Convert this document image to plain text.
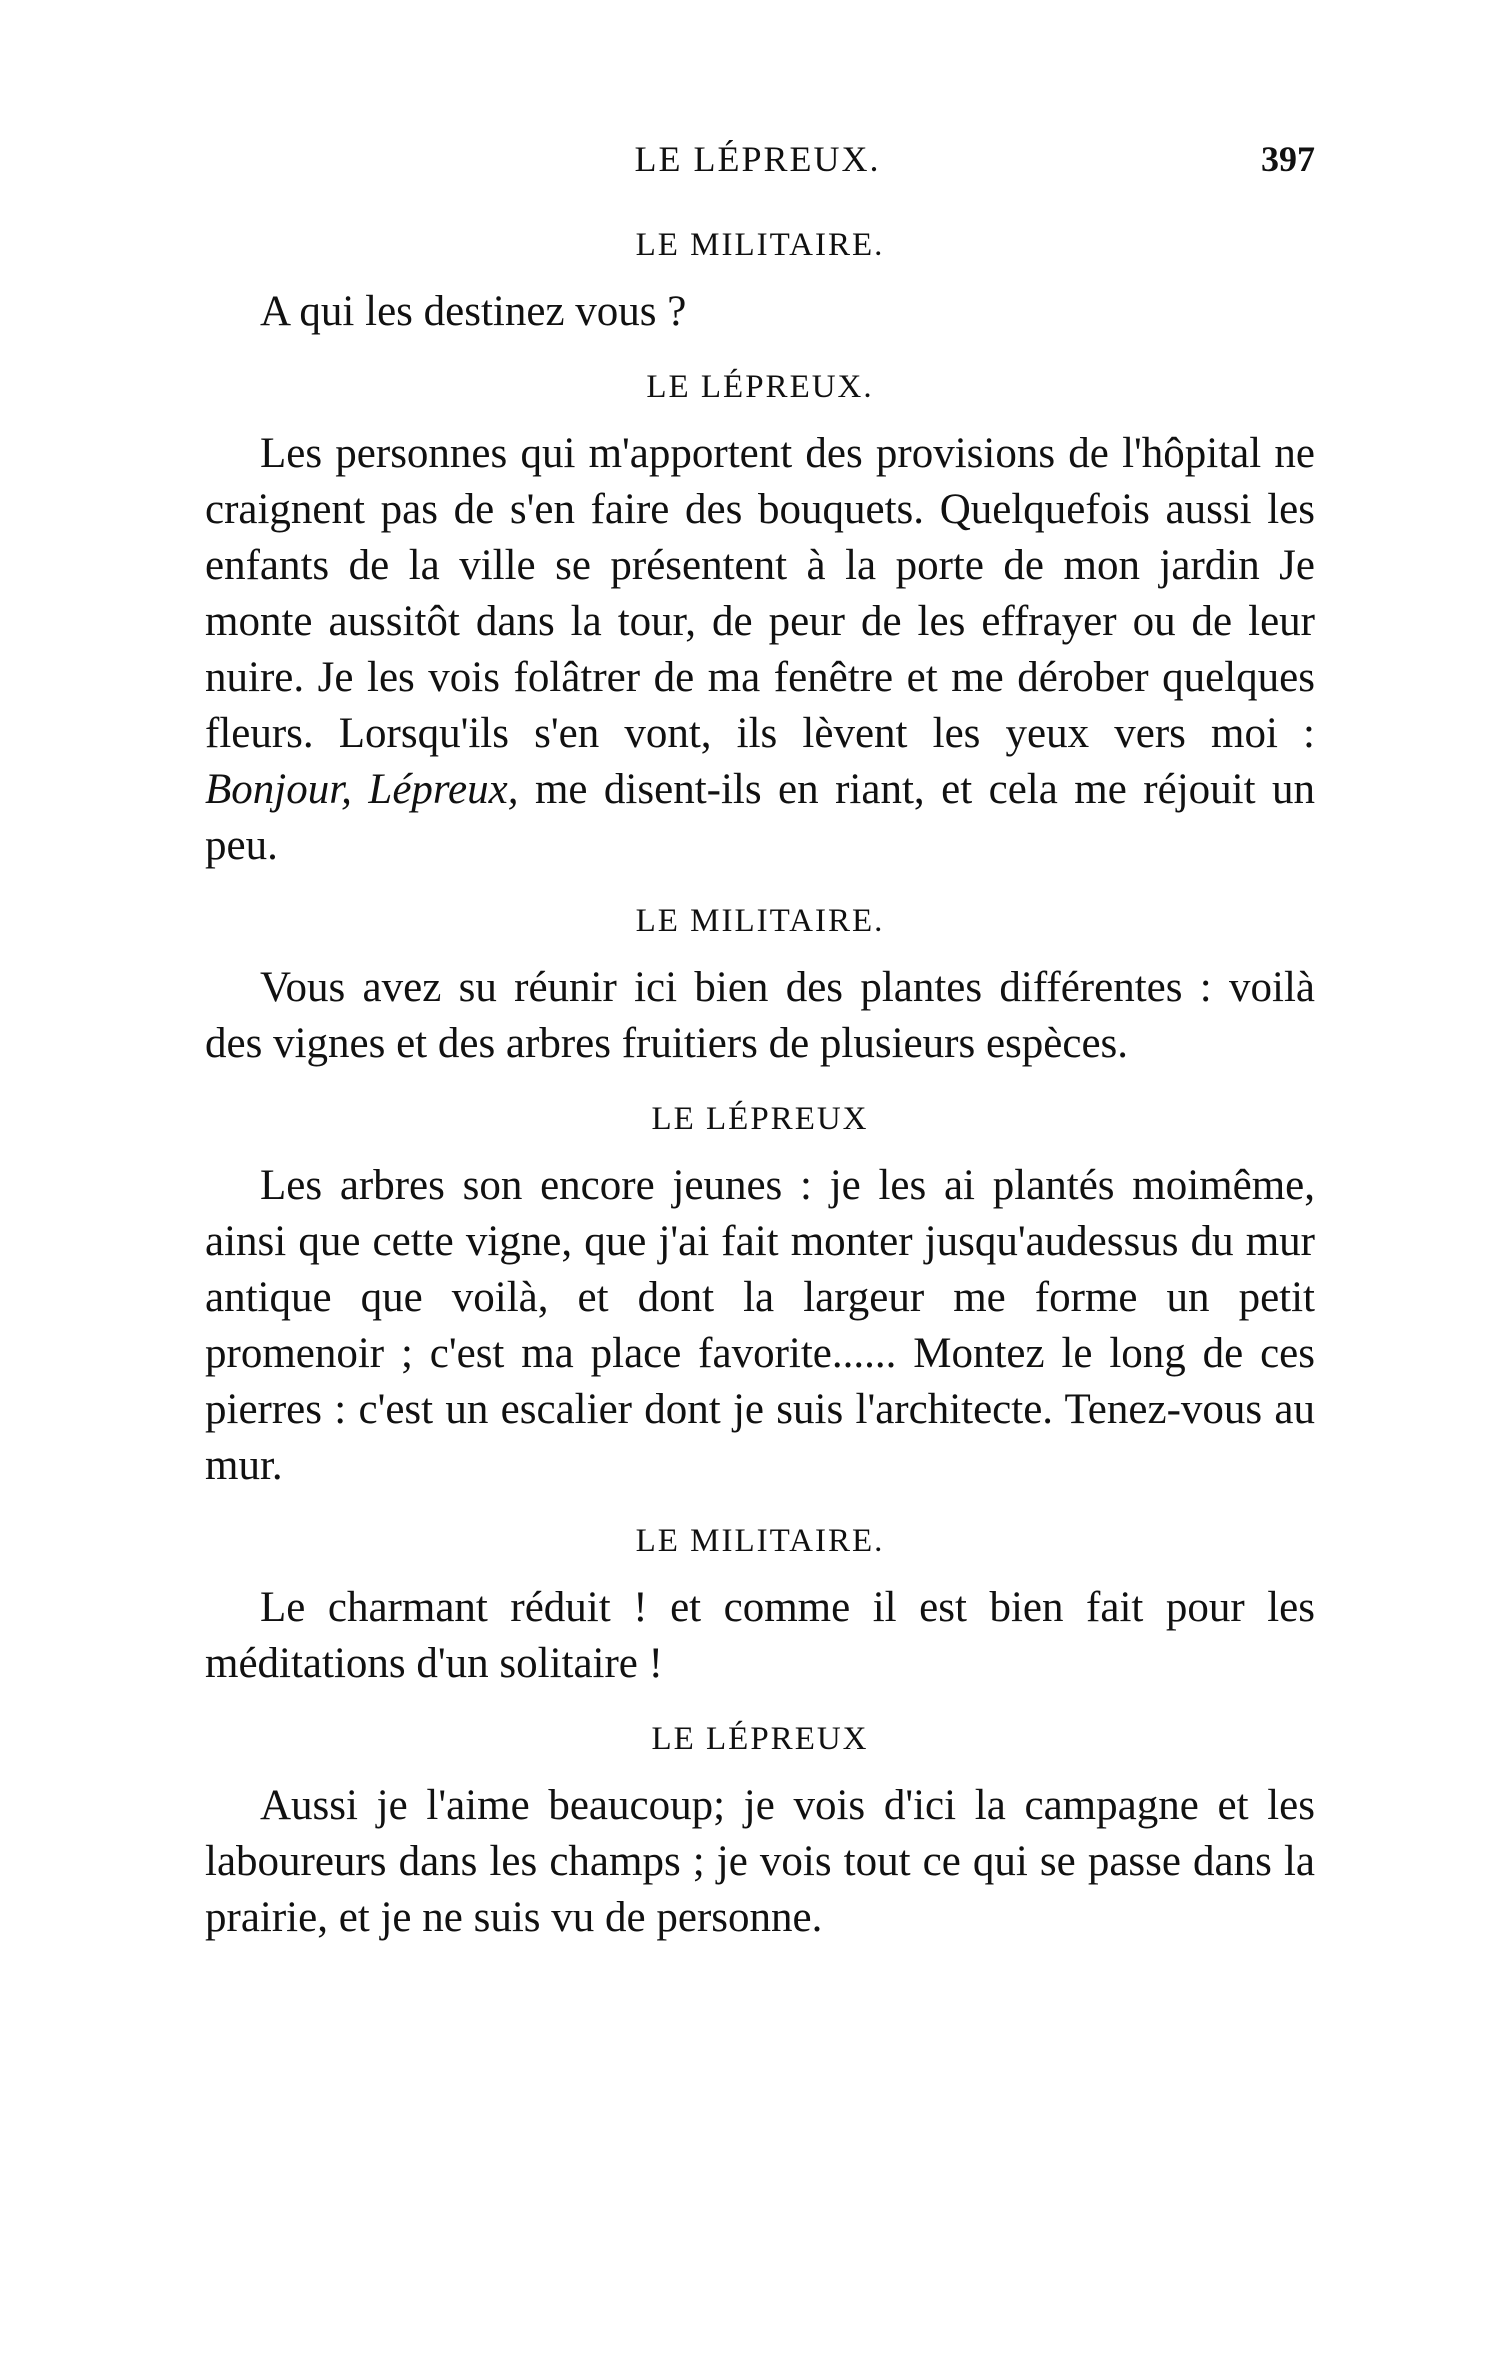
LE LÉPREUX.	397

LE MILITAIRE.

A qui les destinez vous ?

LE LÉPREUX.

Les personnes qui m'apportent des provisions de l'hôpital ne craignent pas de s'en faire des bouquets. Quelquefois aussi les enfants de la ville se présentent à la porte de mon jardin Je monte aussitôt dans la tour, de peur de les effrayer ou de leur nuire. Je les vois folâtrer de ma fenêtre et me dérober quelques fleurs. Lorsqu'ils s'en vont, ils lèvent les yeux vers moi : Bonjour, Lépreux, me disent-ils en riant, et cela me réjouit un peu.

LE MILITAIRE.

Vous avez su réunir ici bien des plantes différentes : voilà des vignes et des arbres fruitiers de plusieurs espèces.

LE LÉPREUX

Les arbres son encore jeunes : je les ai plantés moimême, ainsi que cette vigne, que j'ai fait monter jusqu'audessus du mur antique que voilà, et dont la largeur me forme un petit promenoir ; c'est ma place favorite...... Montez le long de ces pierres : c'est un escalier dont je suis l'architecte. Tenez-vous au mur.

LE MILITAIRE.

Le charmant réduit ! et comme il est bien fait pour les méditations d'un solitaire !

LE LÉPREUX

Aussi je l'aime beaucoup; je vois d'ici la campagne et les laboureurs dans les champs ; je vois tout ce qui se passe dans la prairie, et je ne suis vu de personne.
